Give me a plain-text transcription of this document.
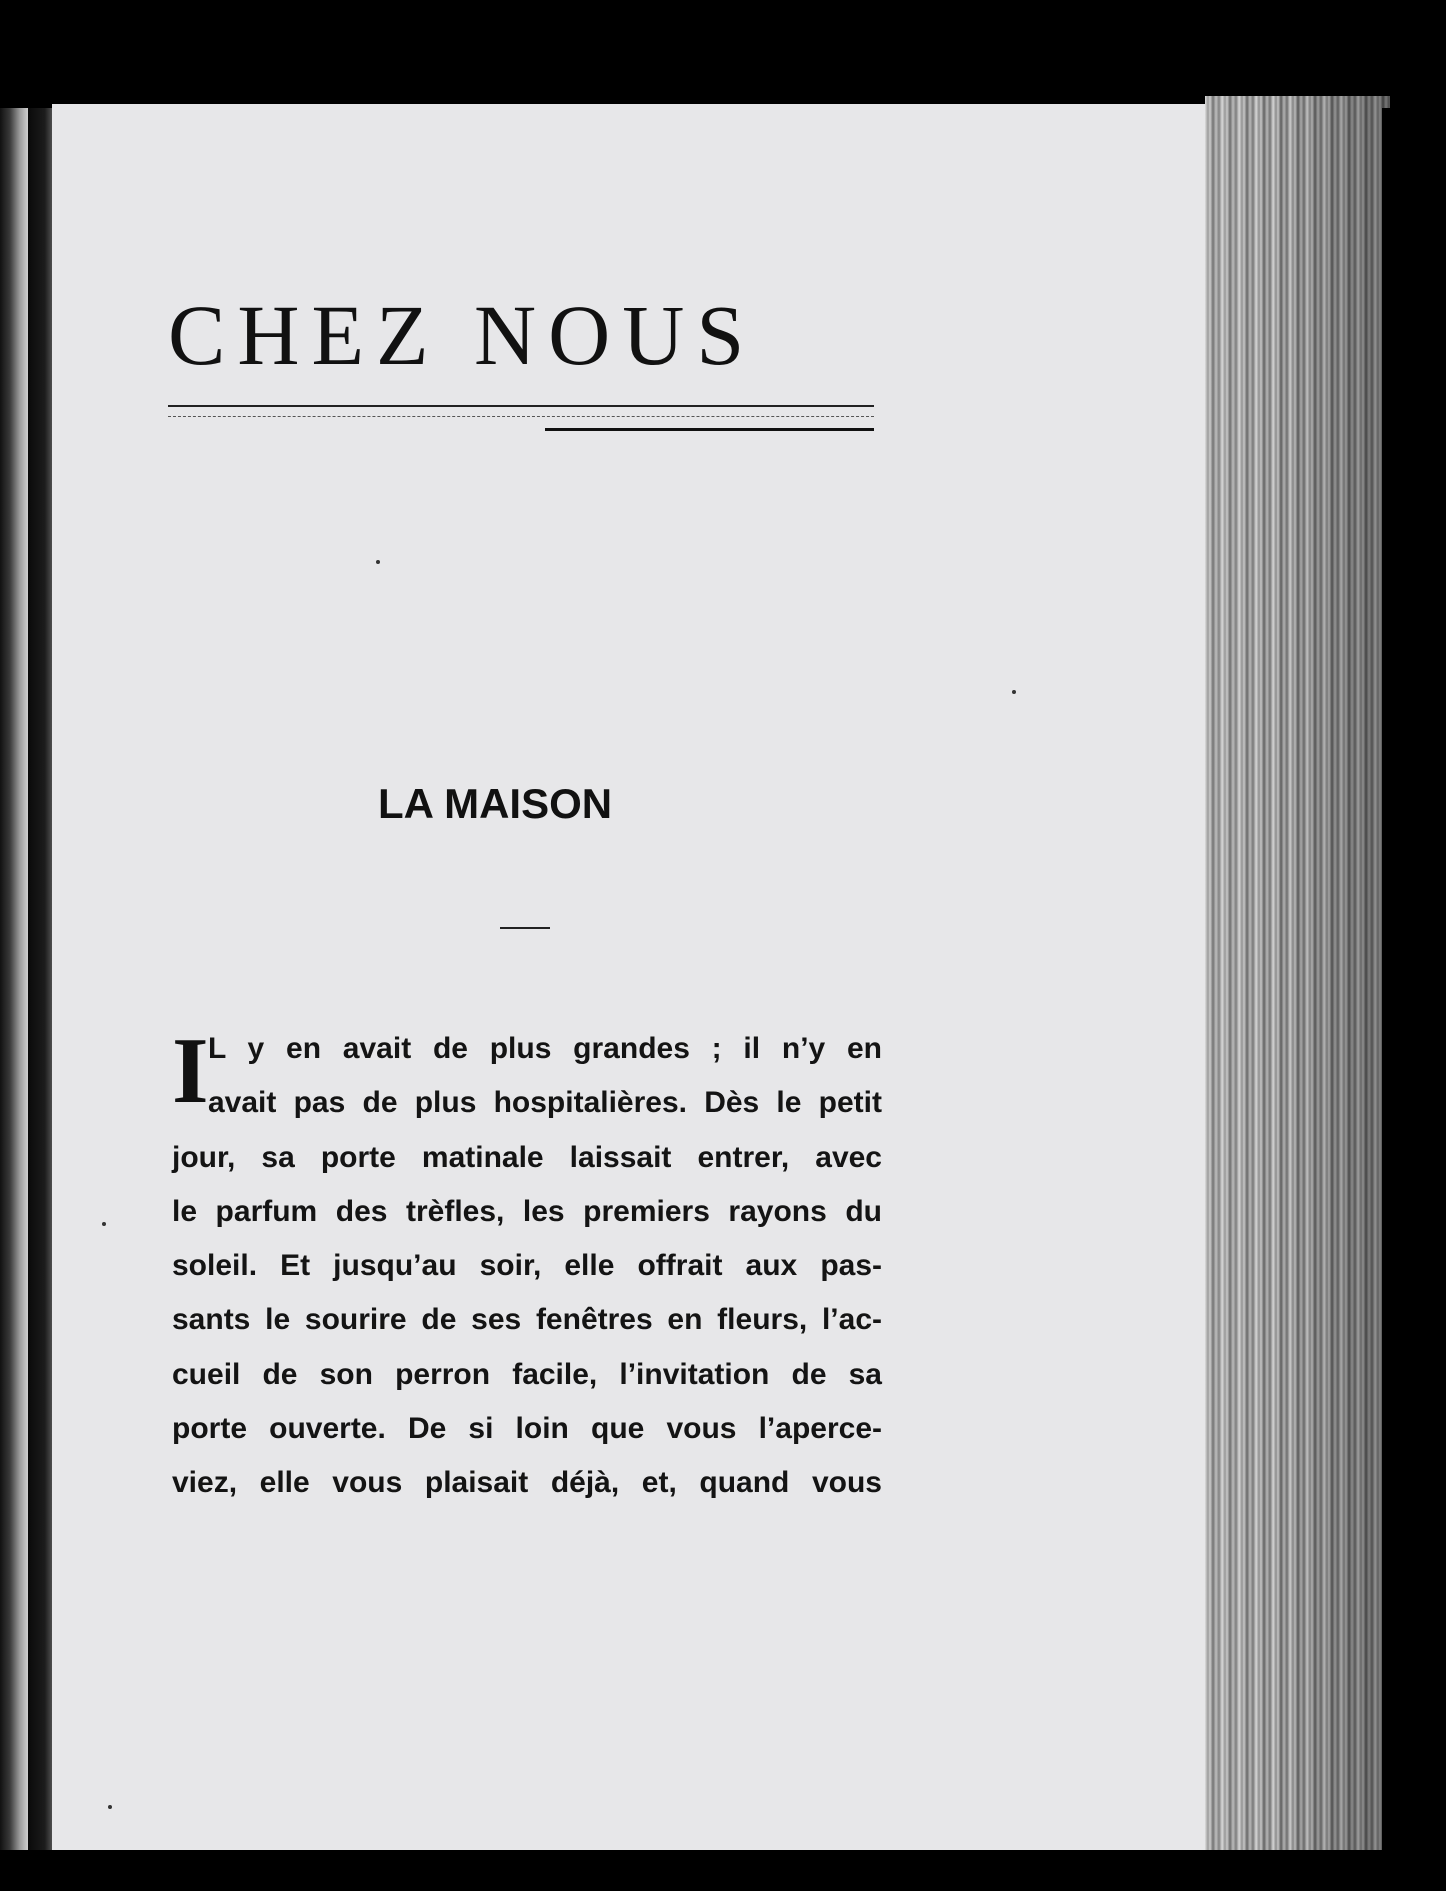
CHEZ NOUS
LA MAISON
I L y en avait de plus grandes ; il n’y en
avait pas de plus hospitalières. Dès le petit
jour, sa porte matinale laissait entrer, avec
le parfum des trèfles, les premiers rayons du
soleil. Et jusqu’au soir, elle offrait aux pas-
sants le sourire de ses fenêtres en fleurs, l’ac-
cueil de son perron facile, l’invitation de sa
porte ouverte. De si loin que vous l’aperce-
viez, elle vous plaisait déjà, et, quand vous
